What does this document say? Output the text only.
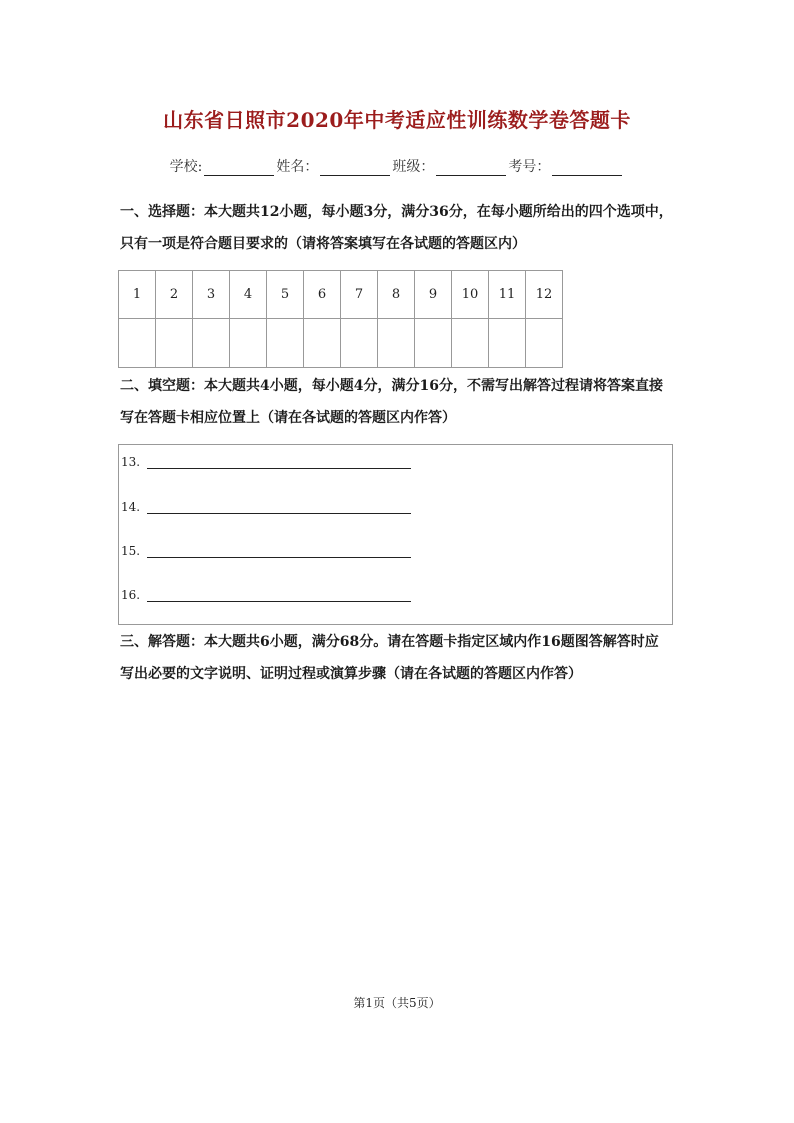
山东省日照市2020年中考适应性训练数学卷答题卡
学校:	姓名：	班级：	考号：
一、选择题：本大题共12小题，每小题3分，满分36分，在每小题所给出的四个选项中，
只有一项是符合题目要求的（请将答案填写在各试题的答题区内）
1	2	3	4	5	6	7	8	9	10	11	12

二、填空题：本大题共4小题，每小题4分，满分16分，不需写出解答过程请将答案直接
写在答题卡相应位置上（请在各试题的答题区内作答）
13.
14.
15.
16.
三、解答题：本大题共6小题，满分68分。请在答题卡指定区域内作16题图答解答时应
写出必要的文字说明、证明过程或演算步骤（请在各试题的答题区内作答）
第1页（共5页）
